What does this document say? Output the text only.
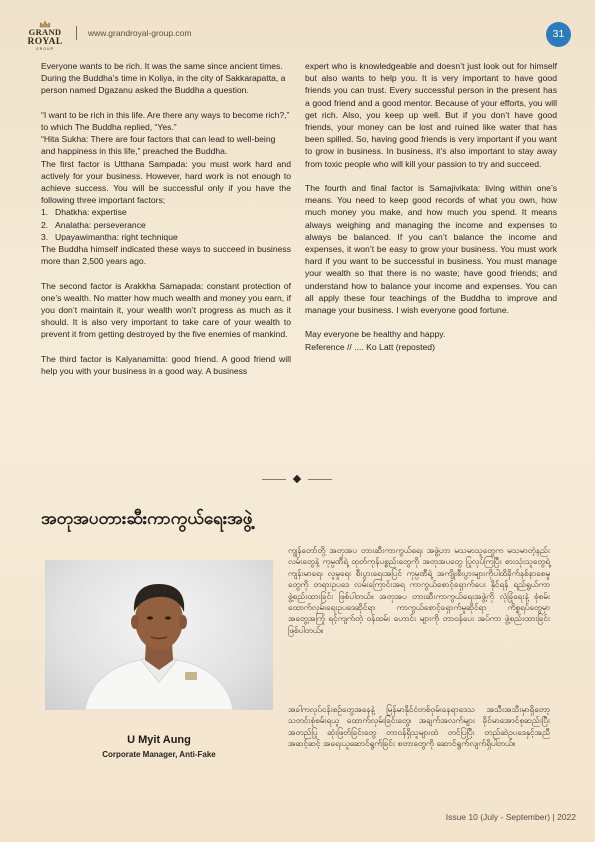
GRAND
ROYAL
GROUP
www.grandroyal-group.com	31

Everyone wants to be rich. It was the same since ancient times. During the Buddha’s time in Koliya, in the city of Sakkarapatta, a person named Dgazanu asked the Buddha a question.

“I want to be rich in this life. Are there any ways to become rich?,” to which The Buddha replied, “Yes.”

“Hita Sukha: There are four factors that can lead to well-being and happiness in this life,” preached the Buddha.

The first factor is Utthana Sampada: you must work hard and actively for your business. However, hard work is not enough to achieve success. You will be successful only if you have the following three important factors;

1. Dhatkha: expertise
2. Analatha: perseverance
3. Upayawimantha: right technique

The Buddha himself indicated these ways to succeed in business more than 2,500 years ago.

The second factor is Arakkha Samapada: constant protection of one’s wealth. No matter how much wealth and money you earn, if you don’t maintain it, your wealth won’t progress as much as it should. It is also very important to take care of your wealth to prevent it from getting destroyed by the five enemies of mankind.

The third factor is Kalyanamitta: good friend. A good friend will help you with your business in a good way. A business

expert who is knowledgeable and doesn’t just look out for himself but also wants to help you. It is very important to have good friends you can trust. Every successful person in the present has a good friend and a good mentor. Because of your efforts, you will get rich. Also, you keep up well. But if you don’t have good friends, your money can be lost and ruined like water that has been spilled. So, having good friends is very important if you want to grow in business. In business, it’s also important to stay away from toxic people who will kill your passion to try and succeed.

The fourth and final factor is Samajivikata: living within one’s means. You need to keep good records of what you own, how much money you make, and how much you spend. It means always weighing and managing the income and expenses to always be balanced. If you can’t balance the income and expenses, it won’t be easy to grow your business. You must work hard if you want to be successful in business. You must manage your wealth so that there is no waste; have good friends; and understand how to balance your income and expenses. You can all apply these four teachings of the Buddha to improve and manage your business. I wish everyone good fortune.

May everyone be healthy and happy.

Reference // .... Ko Latt (reposted)

အတုအပတားဆီးကာကွယ်ရေးအဖွဲ့
U Myit Aung
Corporate Manager, Anti-Fake
ကျွန်တော်တို့ အတုအပ တားဆီးကာကွယ်ရေး အဖွဲ့ဟာ မသမာသူတွေက မသမာတဲ့နည်းလမ်းတွေနဲ့ ကုမ္ပဏီရဲ့ ထုတ်ကုန်ပစ္စည်းတွေကို အတုအပတွေ ပြုလုပ်ကြပြီး စားသုံးသူတွေရဲ့ ကျန်းမာရေး လူမှုရေး စီးပွားရေးအပြင် ကုမ္ပဏီရဲ့ အကျိုးစီးပွားများကိုပါထိခိုက်နစ်နာစေမှုတွေကို တရားဥပဒေ လမ်းကြောင်းအရ ကာကွယ်စောင့်ရှောက်ပေး နိုင်ရန် ရည်ရွယ်ကာဖွဲ့စည်းထားခြင်း ဖြစ်ပါတယ်။ အတုအပ တားဆီးကာကွယ်ရေးအဖွဲ့ကို လုံခြုံရေးနဲ့ စုံစမ်းထောက်လှမ်းရေးဥပဒေဆိုင်ရာ ကာကွယ်စောင့်ရှောက်မှုဆိုင်ရာ ကိစ္စရပ်တွေမှာ အတွေ့အကြုံ ရင့်ကျက်တဲ့ ဝန်ထမ်း ဟောင်း များကို တာဝန်ပေး အပ်ကာ ဖွဲ့စည်းထားခြင်းဖြစ်ပါတယ်။
အခါကလုပ်ငန်းစဉ်တွေအနေနဲ့ မြန်မာနိုင်ငံတစ်ဝှမ်းနေရာဒေသ အသီးအသီးမှာရှိတော့ သတင်းစုံစမ်းရယူ ထောက်လှမ်းခြင်းတွေ၊ အချက်အလက်များ ခိုင်မာအောင်စုဆည်းပြီး အတည်ပြု ဆုံးဖြတ်ခြင်းတွေ တာဝန်ရှိသူများထံ တင်ပြပြီး တည်ဆဲဥပဒေနှင့်အညီ အဆင့်ဆင့် အရေးယူဆောင်ရွက်ခြင်း စတာတွေကို ဆောင်ရွက်လျက်ရှိပါတယ်။
Issue 10 (July - September) | 2022
